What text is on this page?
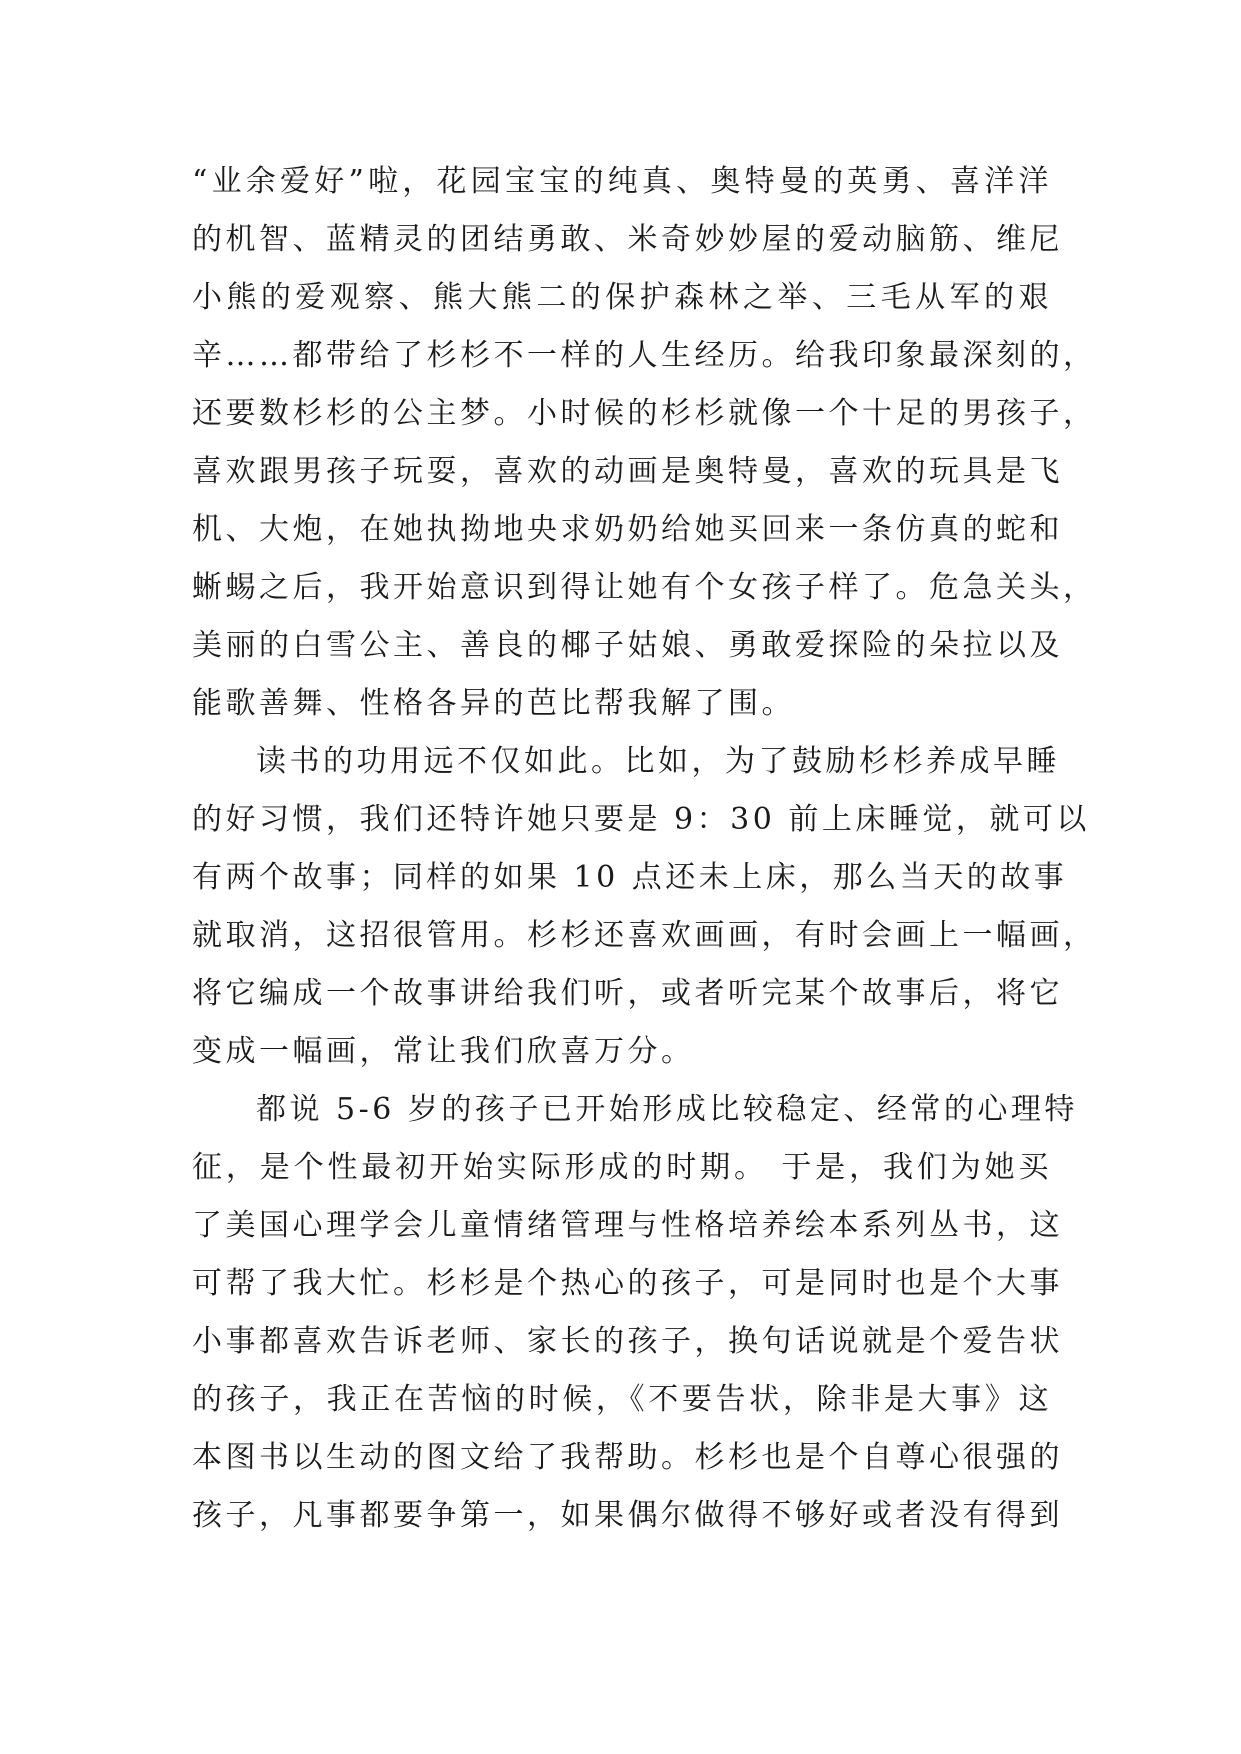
“业余爱好”啦，花园宝宝的纯真、奥特曼的英勇、喜洋洋
的机智、蓝精灵的团结勇敢、米奇妙妙屋的爱动脑筋、维尼
小熊的爱观察、熊大熊二的保护森林之举、三毛从军的艰
辛……都带给了杉杉不一样的人生经历。给我印象最深刻的，
还要数杉杉的公主梦。小时候的杉杉就像一个十足的男孩子，
喜欢跟男孩子玩耍，喜欢的动画是奥特曼，喜欢的玩具是飞
机、大炮，在她执拗地央求奶奶给她买回来一条仿真的蛇和
蜥蜴之后，我开始意识到得让她有个女孩子样了。危急关头，
美丽的白雪公主、善良的椰子姑娘、勇敢爱探险的朵拉以及
能歌善舞、性格各异的芭比帮我解了围。
读书的功用远不仅如此。比如，为了鼓励杉杉养成早睡
的好习惯，我们还特许她只要是 9：30 前上床睡觉，就可以
有两个故事；同样的如果 10 点还未上床，那么当天的故事
就取消，这招很管用。杉杉还喜欢画画，有时会画上一幅画，
将它编成一个故事讲给我们听，或者听完某个故事后，将它
变成一幅画，常让我们欣喜万分。
都说 5-6 岁的孩子已开始形成比较稳定、经常的心理特
征，是个性最初开始实际形成的时期。 于是，我们为她买
了美国心理学会儿童情绪管理与性格培养绘本系列丛书，这
可帮了我大忙。杉杉是个热心的孩子，可是同时也是个大事
小事都喜欢告诉老师、家长的孩子，换句话说就是个爱告状
的孩子，我正在苦恼的时候，《不要告状，除非是大事》这
本图书以生动的图文给了我帮助。杉杉也是个自尊心很强的
孩子，凡事都要争第一，如果偶尔做得不够好或者没有得到
